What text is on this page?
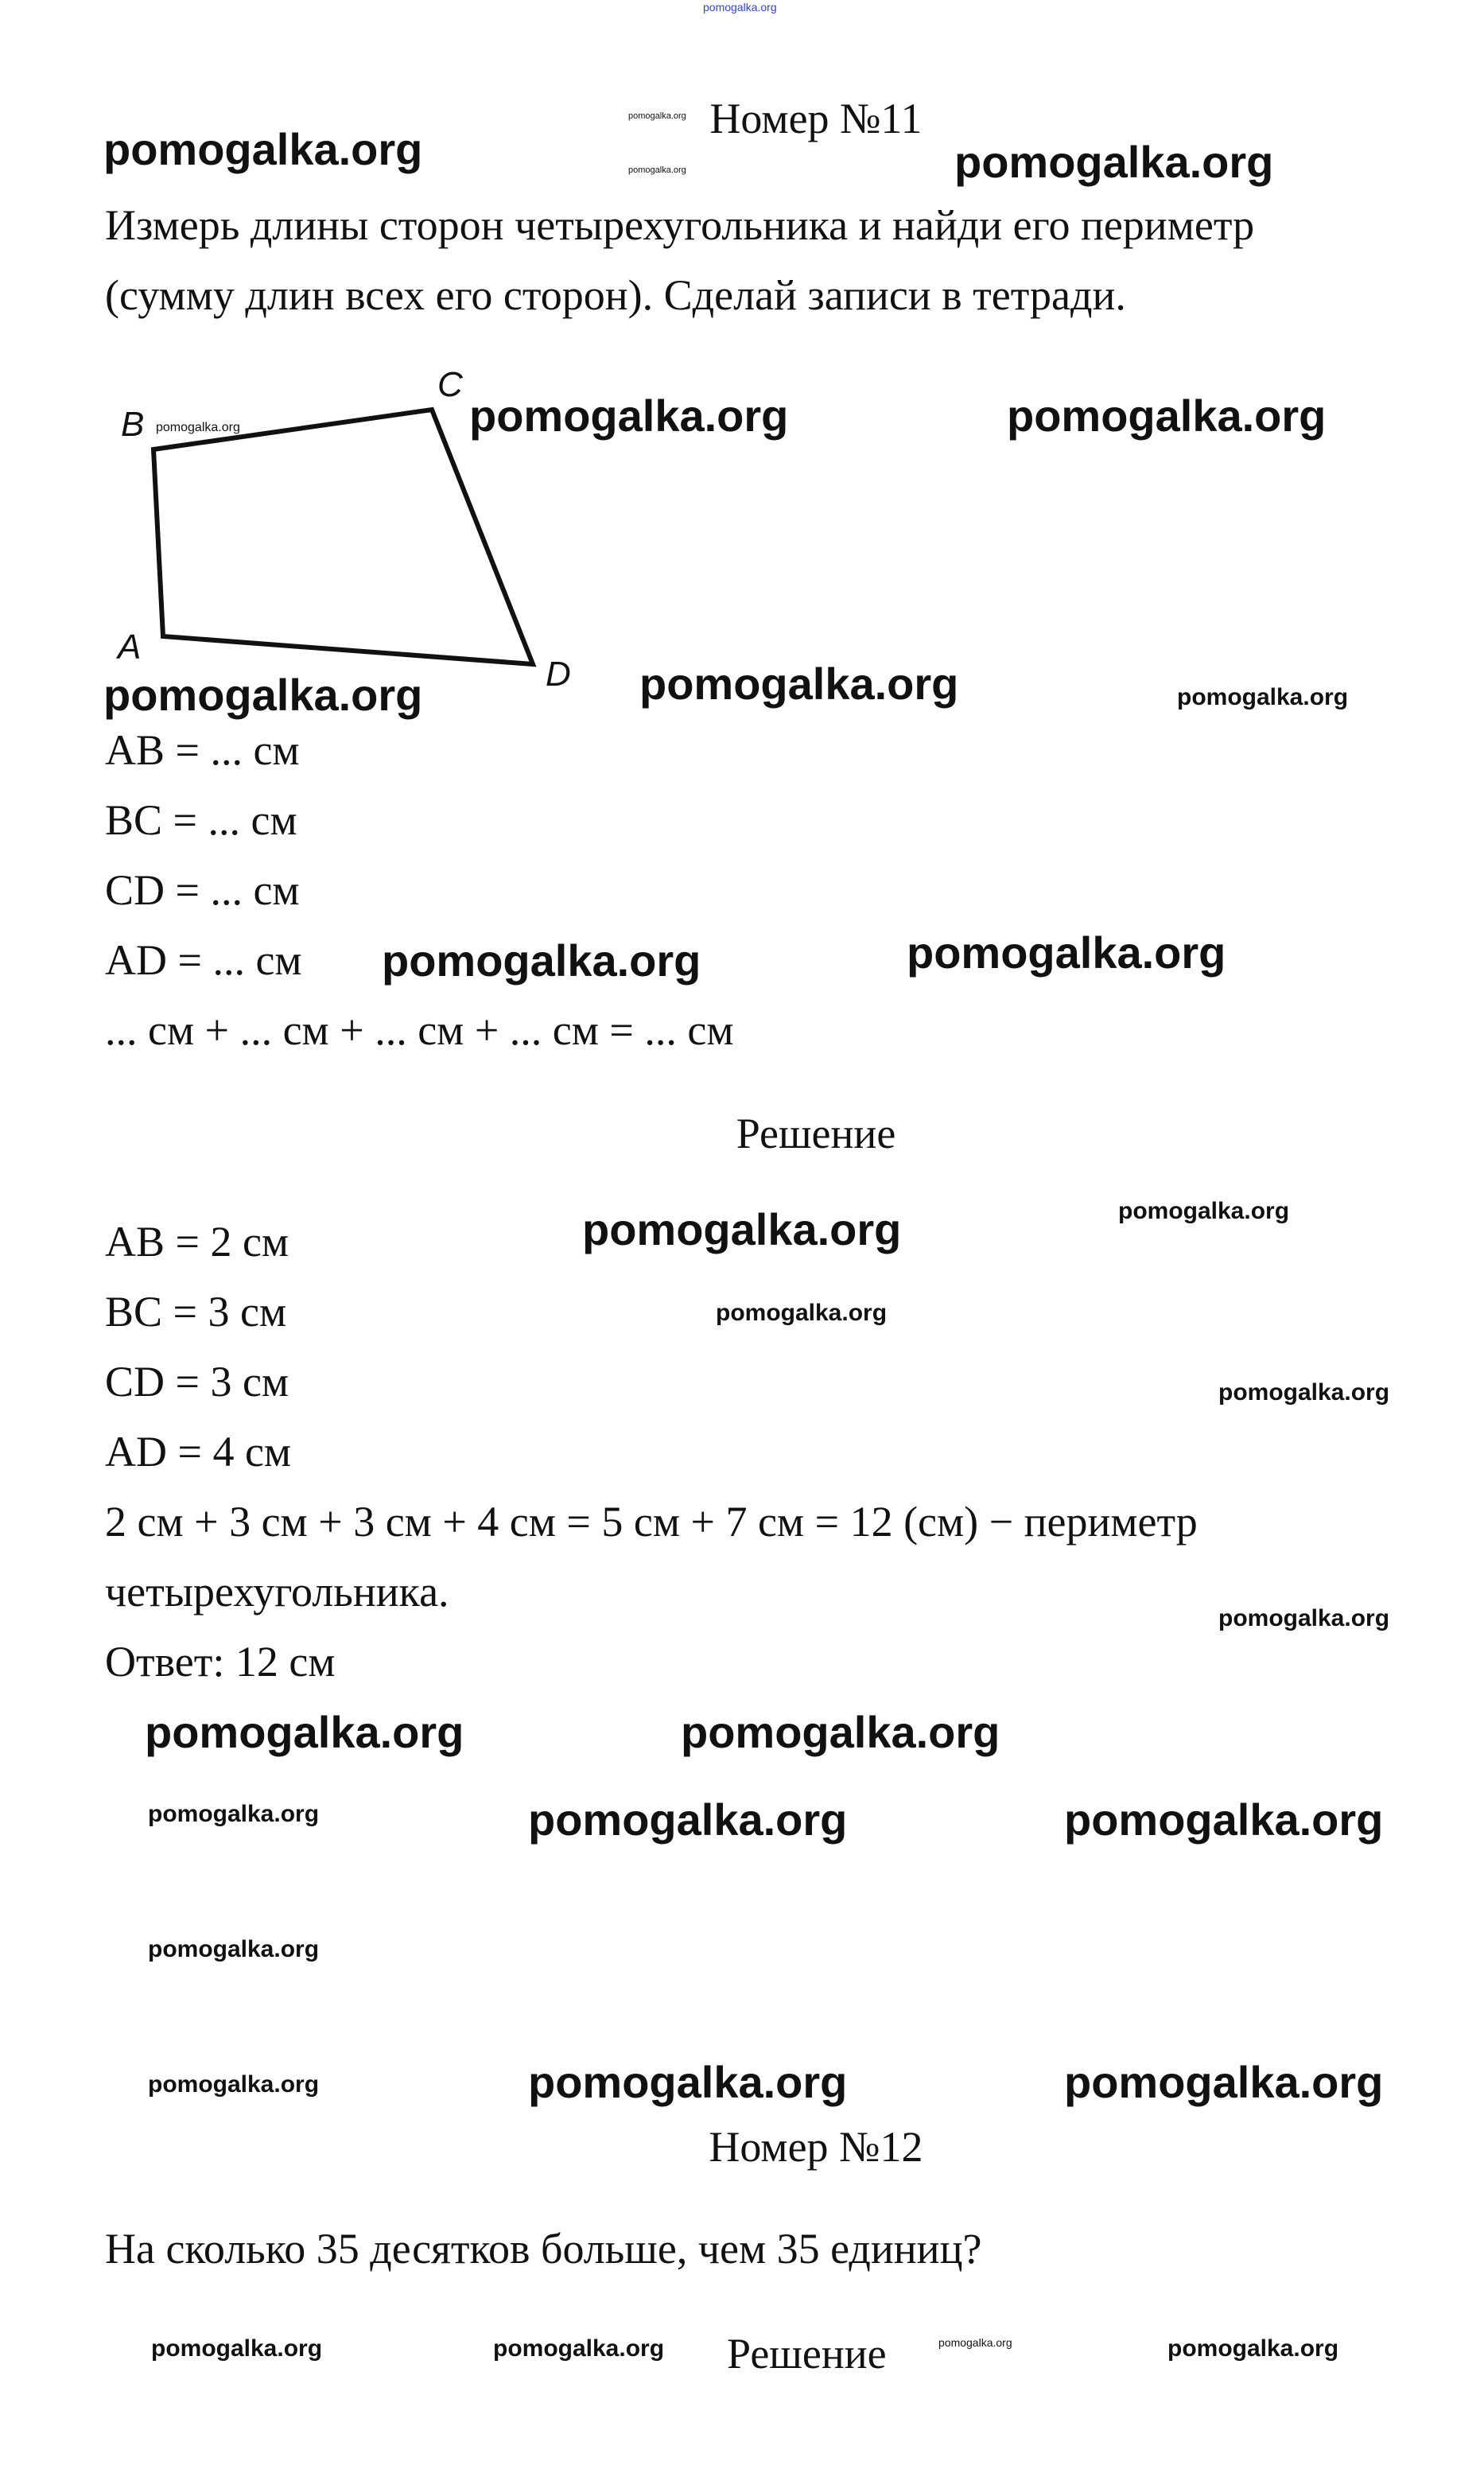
pomogalka.org
Номер №11
pomogalka.org
pomogalka.org
pomogalka.org	pomogalka.org
Измерь длины сторон четырехугольника и найди его периметр
(сумму длин всех его сторон). Сделай записи в тетради.
B
C
A
D
pomogalka.org	pomogalka.org	pomogalka.org
pomogalka.org	pomogalka.org	pomogalka.org
AB = ... см
BC = ... см
CD = ... см
AD = ... см
... см + ... см + ... см + ... см = ... см
pomogalka.org	pomogalka.org
Решение
AB = 2 см
BC = 3 см
CD = 3 см
AD = 4 см
2 см + 3 см + 3 см + 4 см = 5 см + 7 см = 12 (см) − периметр
четырехугольника.
Ответ: 12 см
pomogalka.org	pomogalka.org
pomogalka.org
pomogalka.org
pomogalka.org	pomogalka.org
pomogalka.org
pomogalka.org	pomogalka.org	pomogalka.org
pomogalka.org
pomogalka.org	pomogalka.org	pomogalka.org
Номер №12
На сколько 35 десятков больше, чем 35 единиц?
pomogalka.org	pomogalka.org Решение	pomogalka.org	pomogalka.org
